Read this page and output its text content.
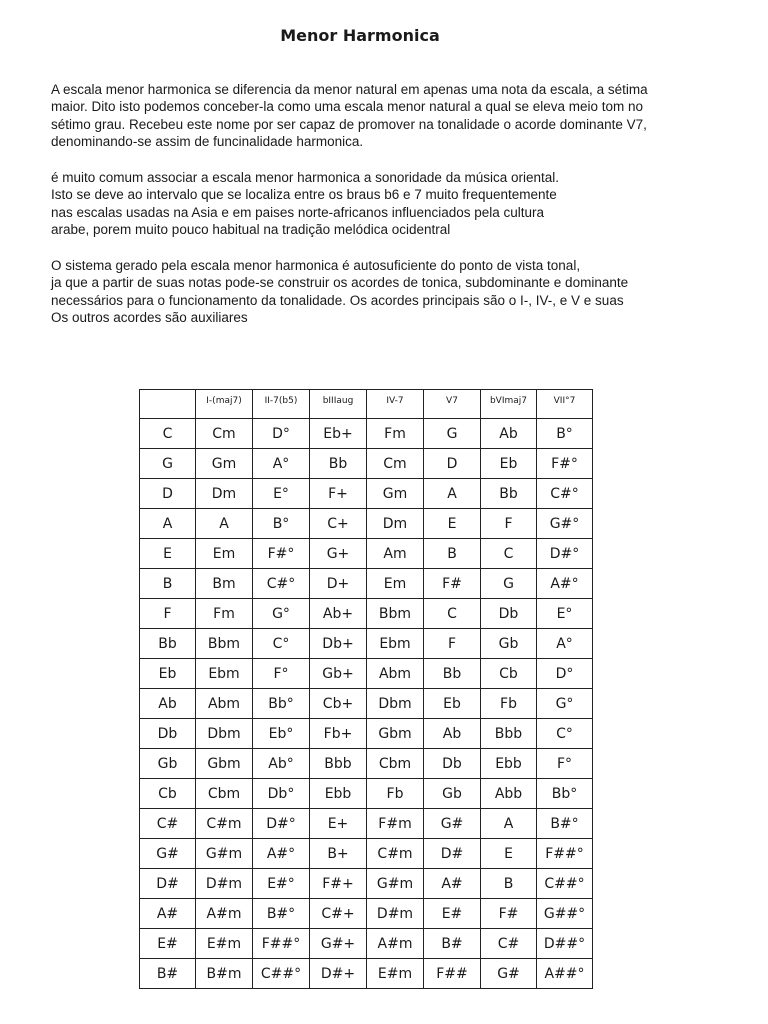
Menor Harmonica
A escala menor harmonica se diferencia da menor natural em apenas uma nota da escala, a sétima
maior. Dito isto podemos conceber-la como uma escala menor natural a qual se eleva meio tom no
sétimo grau. Recebeu este nome por ser capaz de promover na tonalidade o acorde dominante V7,
denominando-se assim de funcinalidade harmonica.
é muito comum associar a escala menor harmonica a sonoridade da música oriental.
Isto se deve ao intervalo que se localiza entre os braus b6 e 7 muito frequentemente
nas escalas usadas na Asia e em paises norte-africanos influenciados pela cultura
arabe, porem muito pouco habitual na tradição melódica ocidentral
O sistema gerado pela escala menor harmonica é autosuficiente do ponto de vista tonal,
ja que a partir de suas notas pode-se construir os acordes de tonica, subdominante e dominante
necessários para o funcionamento da tonalidade. Os acordes principais são o I-, IV-, e V e suas
Os outros acordes são auxiliares
	I-(maj7)	II-7(b5)	bIIIaug	IV-7	V7	bVImaj7	VII°7
C	Cm	D°	Eb+	Fm	G	Ab	B°
G	Gm	A°	Bb	Cm	D	Eb	F#°
D	Dm	E°	F+	Gm	A	Bb	C#°
A	A	B°	C+	Dm	E	F	G#°
E	Em	F#°	G+	Am	B	C	D#°
B	Bm	C#°	D+	Em	F#	G	A#°
F	Fm	G°	Ab+	Bbm	C	Db	E°
Bb	Bbm	C°	Db+	Ebm	F	Gb	A°
Eb	Ebm	F°	Gb+	Abm	Bb	Cb	D°
Ab	Abm	Bb°	Cb+	Dbm	Eb	Fb	G°
Db	Dbm	Eb°	Fb+	Gbm	Ab	Bbb	C°
Gb	Gbm	Ab°	Bbb	Cbm	Db	Ebb	F°
Cb	Cbm	Db°	Ebb	Fb	Gb	Abb	Bb°
C#	C#m	D#°	E+	F#m	G#	A	B#°
G#	G#m	A#°	B+	C#m	D#	E	F##°
D#	D#m	E#°	F#+	G#m	A#	B	C##°
A#	A#m	B#°	C#+	D#m	E#	F#	G##°
E#	E#m	F##°	G#+	A#m	B#	C#	D##°
B#	B#m	C##°	D#+	E#m	F##	G#	A##°
